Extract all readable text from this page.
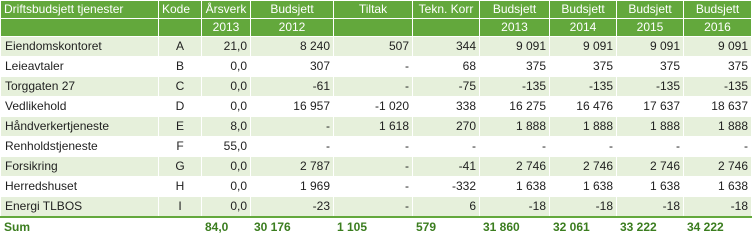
Driftsbudsjett tjenester	Kode	Årsverk	Budsjett	Tiltak	Tekn. Korr	Budsjett	Budsjett	Budsjett	Budsjett
		2013	2012			2013	2014	2015	2016
Eiendomskontoret	A	21,0	8 240	507	344	9 091	9 091	9 091	9 091
Leieavtaler	B	0,0	307	-	68	375	375	375	375
Torggaten 27	C	0,0	-61	-	-75	-135	-135	-135	-135
Vedlikehold	D	0,0	16 957	-1 020	338	16 275	16 476	17 637	18 637
Håndverkertjeneste	E	8,0	-	1 618	270	1 888	1 888	1 888	1 888
Renholdstjeneste	F	55,0	-	-	-	-	-	-	-
Forsikring	G	0,0	2 787	-	-41	2 746	2 746	2 746	2 746
Herredshuset	H	0,0	1 969	-	-332	1 638	1 638	1 638	1 638
Energi TLBOS	I	0,0	-23	-	6	-18	-18	-18	-18
Sum		84,0	30 176	1 105	579	31 860	32 061	33 222	34 222
